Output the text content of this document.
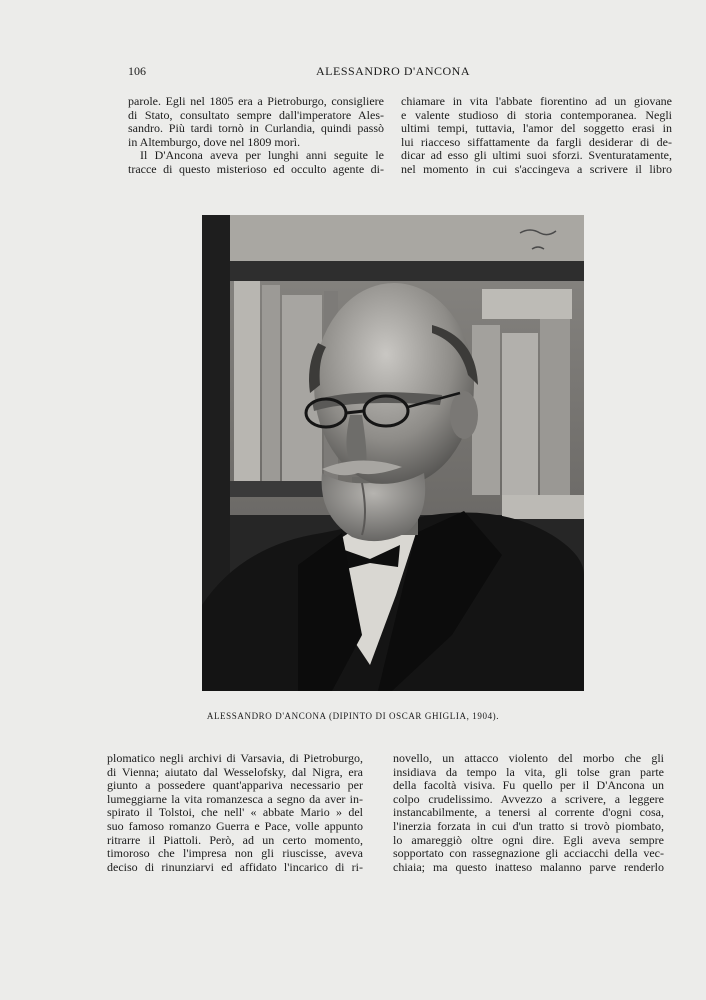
106	ALESSANDRO D'ANCONA
parole. Egli nel 1805 era a Pietroburgo, consigliere
di Stato, consultato sempre dall'imperatore Ales-
sandro. Più tardi tornò in Curlandia, quindi passò
in Altemburgo, dove nel 1809 morì.
Il D'Ancona aveva per lunghi anni seguite le
tracce di questo misterioso ed occulto agente di-
chiamare in vita l'abbate fiorentino ad un giovane
e valente studioso di storia contemporanea. Negli
ultimi tempi, tuttavia, l'amor del soggetto erasi in
lui riacceso siffattamente da fargli desiderar di de-
dicar ad esso gli ultimi suoi sforzi. Sventuratamente,
nel momento in cui s'accingeva a scrivere il libro
ALESSANDRO D'ANCONA (DIPINTO DI OSCAR GHIGLIA, 1904).
plomatico negli archivi di Varsavia, di Pietroburgo,
di Vienna; aiutato dal Wesselofsky, dal Nigra, era
giunto a possedere quant'appariva necessario per
lumeggiarne la vita romanzesca a segno da aver in-
spirato il Tolstoi, che nell' « abbate Mario » del
suo famoso romanzo Guerra e Pace, volle appunto
ritrarre il Piattoli. Però, ad un certo momento,
timoroso che l'impresa non gli riuscisse, aveva
deciso di rinunziarvi ed affidato l'incarico di ri-
novello, un attacco violento del morbo che gli
insidiava da tempo la vita, gli tolse gran parte
della facoltà visiva. Fu quello per il D'Ancona un
colpo crudelissimo. Avvezzo a scrivere, a leggere
instancabilmente, a tenersi al corrente d'ogni cosa,
l'inerzia forzata in cui d'un tratto si trovò piombato,
lo amareggiò oltre ogni dire. Egli aveva sempre
sopportato con rassegnazione gli acciacchi della vec-
chiaia; ma questo inatteso malanno parve renderlo
